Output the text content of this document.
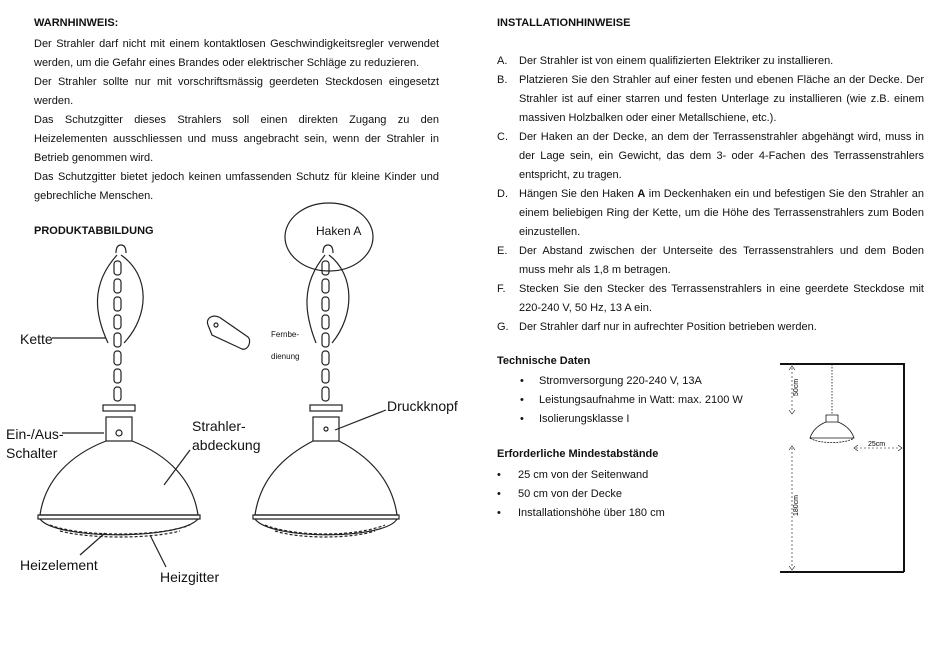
WARNHINWEIS:

Der Strahler darf nicht mit einem kontaktlosen Geschwindigkeitsregler verwendet werden, um die Gefahr eines Brandes oder elektrischer Schläge zu reduzieren.

Der Strahler sollte nur mit vorschriftsmässig geerdeten Steckdosen eingesetzt werden.

Das Schutzgitter dieses Strahlers soll einen direkten Zugang zu den Heizelementen ausschliessen und muss angebracht sein, wenn der Strahler in Betrieb genommen wird.

Das Schutzgitter bietet jedoch keinen umfassenden Schutz für kleine Kinder und gebrechliche Menschen.

PRODUKTABBILDUNG
Kette
Ein-/Aus-
Schalter
Heizelement
Heizgitter
Strahler-
abdeckung
Fernbe-
dienung
Haken A
Druckknopf
INSTALLATIONHINWEISE
A. Der Strahler ist von einem qualifizierten Elektriker zu installieren.
B. Platzieren Sie den Strahler auf einer festen und ebenen Fläche an der Decke. Der Strahler ist auf einer starren und festen Unterlage zu installieren (wie z.B. einem massiven Holzbalken oder einer Metallschiene, etc.).
C. Der Haken an der Decke, an dem der Terrassenstrahler abgehängt wird, muss in der Lage sein, ein Gewicht, das dem 3- oder 4-Fachen des Terrassenstrahlers entspricht, zu tragen.
D. Hängen Sie den Haken A im Deckenhaken ein und befestigen Sie den Strahler an einem beliebigen Ring der Kette, um die Höhe des Terrassenstrahlers zum Boden einzustellen.
E. Der Abstand zwischen der Unterseite des Terrassenstrahlers und dem Boden muss mehr als 1,8 m betragen.
F. Stecken Sie den Stecker des Terrassenstrahlers in eine geerdete Steckdose mit 220-240 V, 50 Hz, 13 A ein.
G. Der Strahler darf nur in aufrechter Position betrieben werden.
Technische Daten
• Stromversorgung 220-240 V, 13A
• Leistungsaufnahme in Watt: max. 2100 W
• Isolierungsklasse I
Erforderliche Mindestabstände
• 25 cm von der Seitenwand
• 50 cm von der Decke
• Installationshöhe über 180 cm
50cm
25cm
180cm
